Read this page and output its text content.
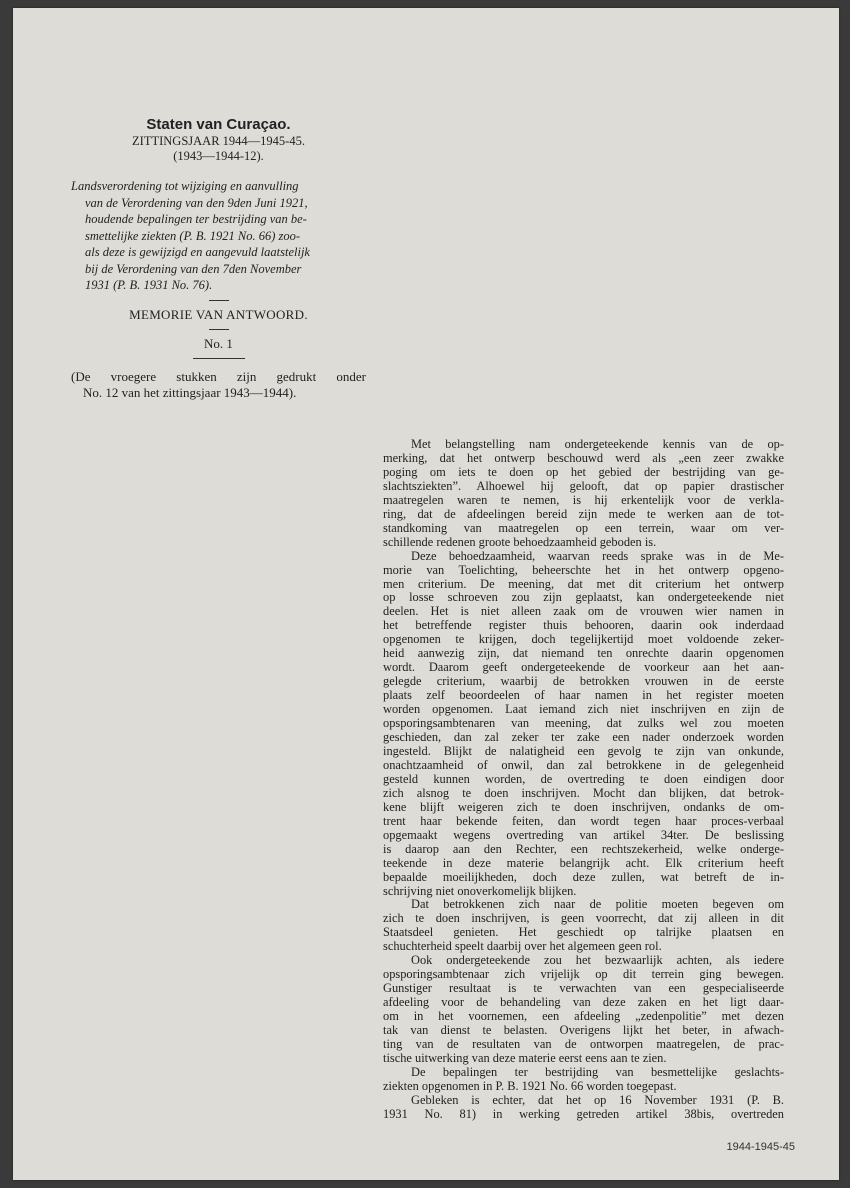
Staten van Curaçao.

ZITTINGSJAAR 1944—1945-45.

(1943—1944-12).

Landsverordening tot wijziging en aanvulling
van de Verordening van den 9den Juni 1921,
houdende bepalingen ter bestrijding van be-
smettelijke ziekten (P. B. 1921 No. 66) zoo-
als deze is gewijzigd en aangevuld laatstelijk
bij de Verordening van den 7den November
1931 (P. B. 1931 No. 76).

MEMORIE VAN ANTWOORD.

No. 1

(De vroegere stukken zijn gedrukt onder
No. 12 van het zittingsjaar 1943—1944).

Met belangstelling nam ondergeteekende kennis van de op-
merking, dat het ontwerp beschouwd werd als „een zeer zwakke
poging om iets te doen op het gebied der bestrijding van ge-
slachtsziekten”. Alhoewel hij gelooft, dat op papier drastischer
maatregelen waren te nemen, is hij erkentelijk voor de verkla-
ring, dat de afdeelingen bereid zijn mede te werken aan de tot-
standkoming van maatregelen op een terrein, waar om ver-
schillende redenen groote behoedzaamheid geboden is.
Deze behoedzaamheid, waarvan reeds sprake was in de Me-
morie van Toelichting, beheerschte het in het ontwerp opgeno-
men criterium. De meening, dat met dit criterium het ontwerp
op losse schroeven zou zijn geplaatst, kan ondergeteekende niet
deelen. Het is niet alleen zaak om de vrouwen wier namen in
het betreffende register thuis behooren, daarin ook inderdaad
opgenomen te krijgen, doch tegelijkertijd moet voldoende zeker-
heid aanwezig zijn, dat niemand ten onrechte daarin opgenomen
wordt. Daarom geeft ondergeteekende de voorkeur aan het aan-
gelegde criterium, waarbij de betrokken vrouwen in de eerste
plaats zelf beoordeelen of haar namen in het register moeten
worden opgenomen. Laat iemand zich niet inschrijven en zijn de
opsporingsambtenaren van meening, dat zulks wel zou moeten
geschieden, dan zal zeker ter zake een nader onderzoek worden
ingesteld. Blijkt de nalatigheid een gevolg te zijn van onkunde,
onachtzaamheid of onwil, dan zal betrokkene in de gelegenheid
gesteld kunnen worden, de overtreding te doen eindigen door
zich alsnog te doen inschrijven. Mocht dan blijken, dat betrok-
kene blijft weigeren zich te doen inschrijven, ondanks de om-
trent haar bekende feiten, dan wordt tegen haar proces-verbaal
opgemaakt wegens overtreding van artikel 34ter. De beslissing
is daarop aan den Rechter, een rechtszekerheid, welke onderge-
teekende in deze materie belangrijk acht. Elk criterium heeft
bepaalde moeilijkheden, doch deze zullen, wat betreft de in-
schrijving niet onoverkomelijk blijken.
Dat betrokkenen zich naar de politie moeten begeven om
zich te doen inschrijven, is geen voorrecht, dat zij alleen in dit
Staatsdeel genieten. Het geschiedt op talrijke plaatsen en
schuchterheid speelt daarbij over het algemeen geen rol.
Ook ondergeteekende zou het bezwaarlijk achten, als iedere
opsporingsambtenaar zich vrijelijk op dit terrein ging bewegen.
Gunstiger resultaat is te verwachten van een gespecialiseerde
afdeeling voor de behandeling van deze zaken en het ligt daar-
om in het voornemen, een afdeeling „zedenpolitie” met dezen
tak van dienst te belasten. Overigens lijkt het beter, in afwach-
ting van de resultaten van de ontworpen maatregelen, de prac-
tische uitwerking van deze materie eerst eens aan te zien.
De bepalingen ter bestrijding van besmettelijke geslachts-
ziekten opgenomen in P. B. 1921 No. 66 worden toegepast.
Gebleken is echter, dat het op 16 November 1931 (P. B.
1931 No. 81) in werking getreden artikel 38bis, overtreden
1944-1945-45
